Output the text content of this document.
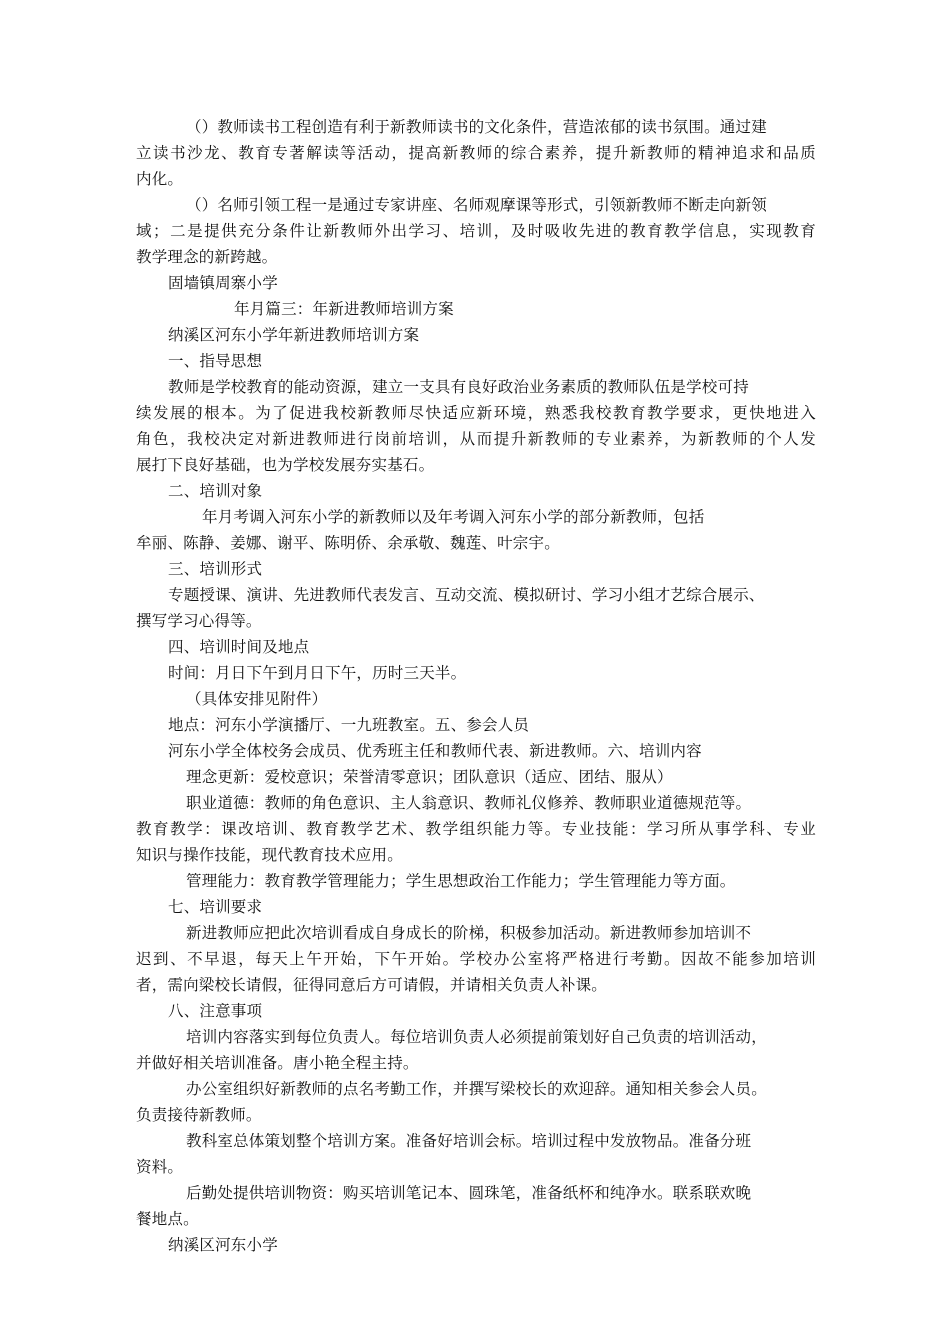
（）教师读书工程创造有利于新教师读书的文化条件，营造浓郁的读书氛围。通过建
立读书沙龙、教育专著解读等活动，提高新教师的综合素养，提升新教师的精神追求和品质
内化。
（）名师引领工程一是通过专家讲座、名师观摩课等形式，引领新教师不断走向新领
域；二是提供充分条件让新教师外出学习、培训，及时吸收先进的教育教学信息，实现教育
教学理念的新跨越。
固墙镇周寨小学
年月篇三：年新进教师培训方案
纳溪区河东小学年新进教师培训方案
一、指导思想
教师是学校教育的能动资源，建立一支具有良好政治业务素质的教师队伍是学校可持
续发展的根本。为了促进我校新教师尽快适应新环境，熟悉我校教育教学要求，更快地进入
角色，我校决定对新进教师进行岗前培训，从而提升新教师的专业素养，为新教师的个人发
展打下良好基础，也为学校发展夯实基石。
二、培训对象
年月考调入河东小学的新教师以及年考调入河东小学的部分新教师，包括
牟丽、陈静、姜娜、谢平、陈明侨、余承敬、魏莲、叶宗宇。
三、培训形式
专题授课、演讲、先进教师代表发言、互动交流、模拟研讨、学习小组才艺综合展示、
撰写学习心得等。
四、培训时间及地点
时间：月日下午到月日下午，历时三天半。
（具体安排见附件）
地点：河东小学演播厅、一九班教室。五、参会人员
河东小学全体校务会成员、优秀班主任和教师代表、新进教师。六、培训内容
理念更新：爱校意识；荣誉清零意识；团队意识（适应、团结、服从）
职业道德：教师的角色意识、主人翁意识、教师礼仪修养、教师职业道德规范等。
教育教学：课改培训、教育教学艺术、教学组织能力等。专业技能：学习所从事学科、专业
知识与操作技能，现代教育技术应用。
管理能力：教育教学管理能力；学生思想政治工作能力；学生管理能力等方面。
七、培训要求
新进教师应把此次培训看成自身成长的阶梯，积极参加活动。新进教师参加培训不
迟到、不早退，每天上午开始，下午开始。学校办公室将严格进行考勤。因故不能参加培训
者，需向梁校长请假，征得同意后方可请假，并请相关负责人补课。
八、注意事项
培训内容落实到每位负责人。每位培训负责人必须提前策划好自己负责的培训活动，
并做好相关培训准备。唐小艳全程主持。
办公室组织好新教师的点名考勤工作，并撰写梁校长的欢迎辞。通知相关参会人员。
负责接待新教师。
教科室总体策划整个培训方案。准备好培训会标。培训过程中发放物品。准备分班
资料。
后勤处提供培训物资：购买培训笔记本、圆珠笔，准备纸杯和纯净水。联系联欢晚
餐地点。
纳溪区河东小学
